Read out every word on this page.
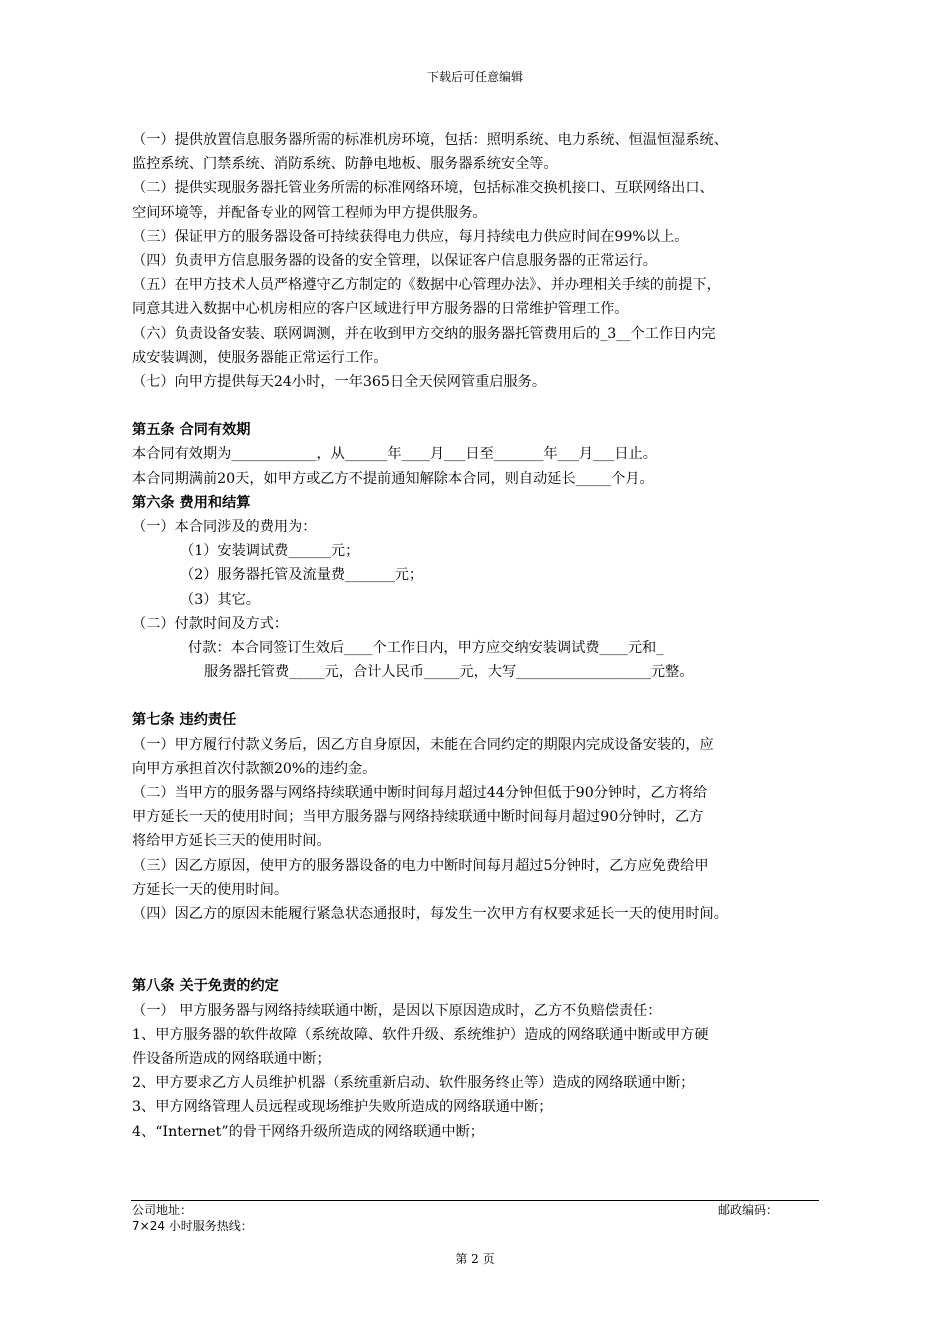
下载后可任意编辑

（一）提供放置信息服务器所需的标准机房环境，包括：照明系统、电力系统、恒温恒湿系统、

监控系统、门禁系统、消防系统、防静电地板、服务器系统安全等。

（二）提供实现服务器托管业务所需的标准网络环境，包括标准交换机接口、互联网络出口、

空间环境等，并配备专业的网管工程师为甲方提供服务。

（三）保证甲方的服务器设备可持续获得电力供应，每月持续电力供应时间在99%以上。

（四）负责甲方信息服务器的设备的安全管理，以保证客户信息服务器的正常运行。

（五）在甲方技术人员严格遵守乙方制定的《数据中心管理办法》、并办理相关手续的前提下，

同意其进入数据中心机房相应的客户区域进行甲方服务器的日常维护管理工作。

（六）负责设备安装、联网调测，并在收到甲方交纳的服务器托管费用后的_3__个工作日内完

成安装调测，使服务器能正常运行工作。

（七）向甲方提供每天24小时，一年365日全天侯网管重启服务。

第五条 合同有效期

本合同有效期为____________，从______年____月___日至_______年___月___日止。

本合同期满前20天，如甲方或乙方不提前通知解除本合同，则自动延长_____个月。

第六条 费用和结算

（一）本合同涉及的费用为：

（1）安装调试费______元；

（2）服务器托管及流量费_______元；

（3）其它。

（二）付款时间及方式：

付款：本合同签订生效后____个工作日内，甲方应交纳安装调试费____元和_

服务器托管费_____元，合计人民币_____元，大写___________________元整。

第七条 违约责任

（一）甲方履行付款义务后，因乙方自身原因，未能在合同约定的期限内完成设备安装的，应

向甲方承担首次付款额20%的违约金。

（二）当甲方的服务器与网络持续联通中断时间每月超过44分钟但低于90分钟时，乙方将给

甲方延长一天的使用时间；当甲方服务器与网络持续联通中断时间每月超过90分钟时，乙方

将给甲方延长三天的使用时间。

（三）因乙方原因，使甲方的服务器设备的电力中断时间每月超过5分钟时，乙方应免费给甲

方延长一天的使用时间。

（四）因乙方的原因未能履行紧急状态通报时，每发生一次甲方有权要求延长一天的使用时间。

第八条 关于免责的约定

（一） 甲方服务器与网络持续联通中断，是因以下原因造成时，乙方不负赔偿责任：

1、甲方服务器的软件故障（系统故障、软件升级、系统维护）造成的网络联通中断或甲方硬

件设备所造成的网络联通中断；

2、甲方要求乙方人员维护机器（系统重新启动、软件服务终止等）造成的网络联通中断；

3、甲方网络管理人员远程或现场维护失败所造成的网络联通中断；

4、“Internet”的骨干网络升级所造成的网络联通中断；

公司地址：
7×24 小时服务热线：
邮政编码：
第 2 页
